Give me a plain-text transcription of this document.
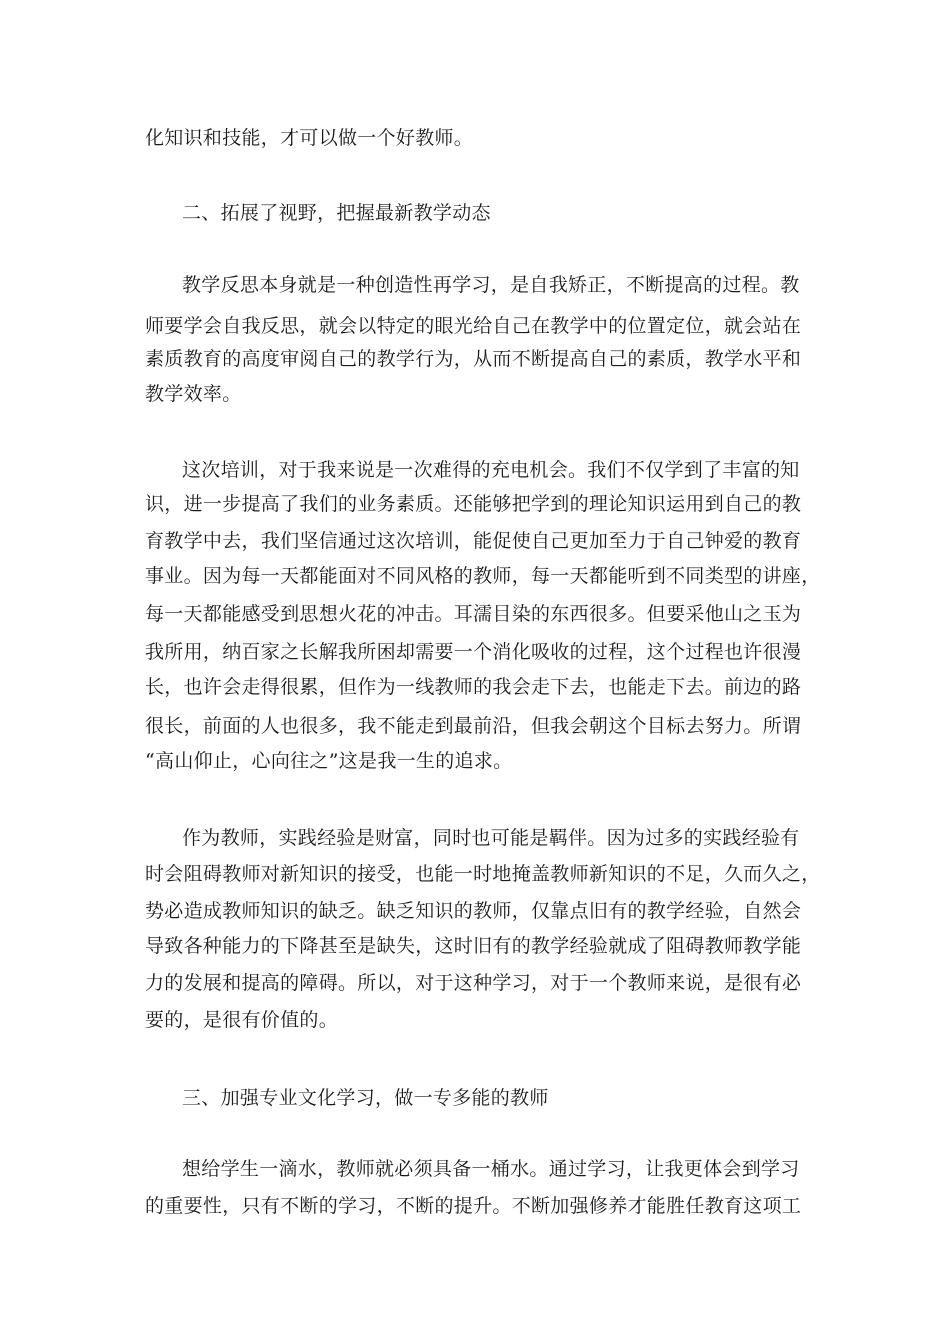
化知识和技能，才可以做一个好教师。
二、拓展了视野，把握最新教学动态
教学反思本身就是一种创造性再学习，是自我矫正，不断提高的过程。教
师要学会自我反思，就会以特定的眼光给自己在教学中的位置定位，就会站在
素质教育的高度审阅自己的教学行为，从而不断提高自己的素质，教学水平和
教学效率。
这次培训，对于我来说是一次难得的充电机会。我们不仅学到了丰富的知
识，进一步提高了我们的业务素质。还能够把学到的理论知识运用到自己的教
育教学中去，我们坚信通过这次培训，能促使自己更加至力于自己钟爱的教育
事业。因为每一天都能面对不同风格的教师，每一天都能听到不同类型的讲座，
每一天都能感受到思想火花的冲击。耳濡目染的东西很多。但要采他山之玉为
我所用，纳百家之长解我所困却需要一个消化吸收的过程，这个过程也许很漫
长，也许会走得很累，但作为一线教师的我会走下去，也能走下去。前边的路
很长，前面的人也很多，我不能走到最前沿，但我会朝这个目标去努力。所谓
“高山仰止，心向往之”这是我一生的追求。
作为教师，实践经验是财富，同时也可能是羁伴。因为过多的实践经验有
时会阻碍教师对新知识的接受，也能一时地掩盖教师新知识的不足，久而久之，
势必造成教师知识的缺乏。缺乏知识的教师，仅靠点旧有的教学经验，自然会
导致各种能力的下降甚至是缺失，这时旧有的教学经验就成了阻碍教师教学能
力的发展和提高的障碍。所以，对于这种学习，对于一个教师来说，是很有必
要的，是很有价值的。
三、加强专业文化学习，做一专多能的教师
想给学生一滴水，教师就必须具备一桶水。通过学习，让我更体会到学习
的重要性，只有不断的学习，不断的提升。不断加强修养才能胜任教育这项工
